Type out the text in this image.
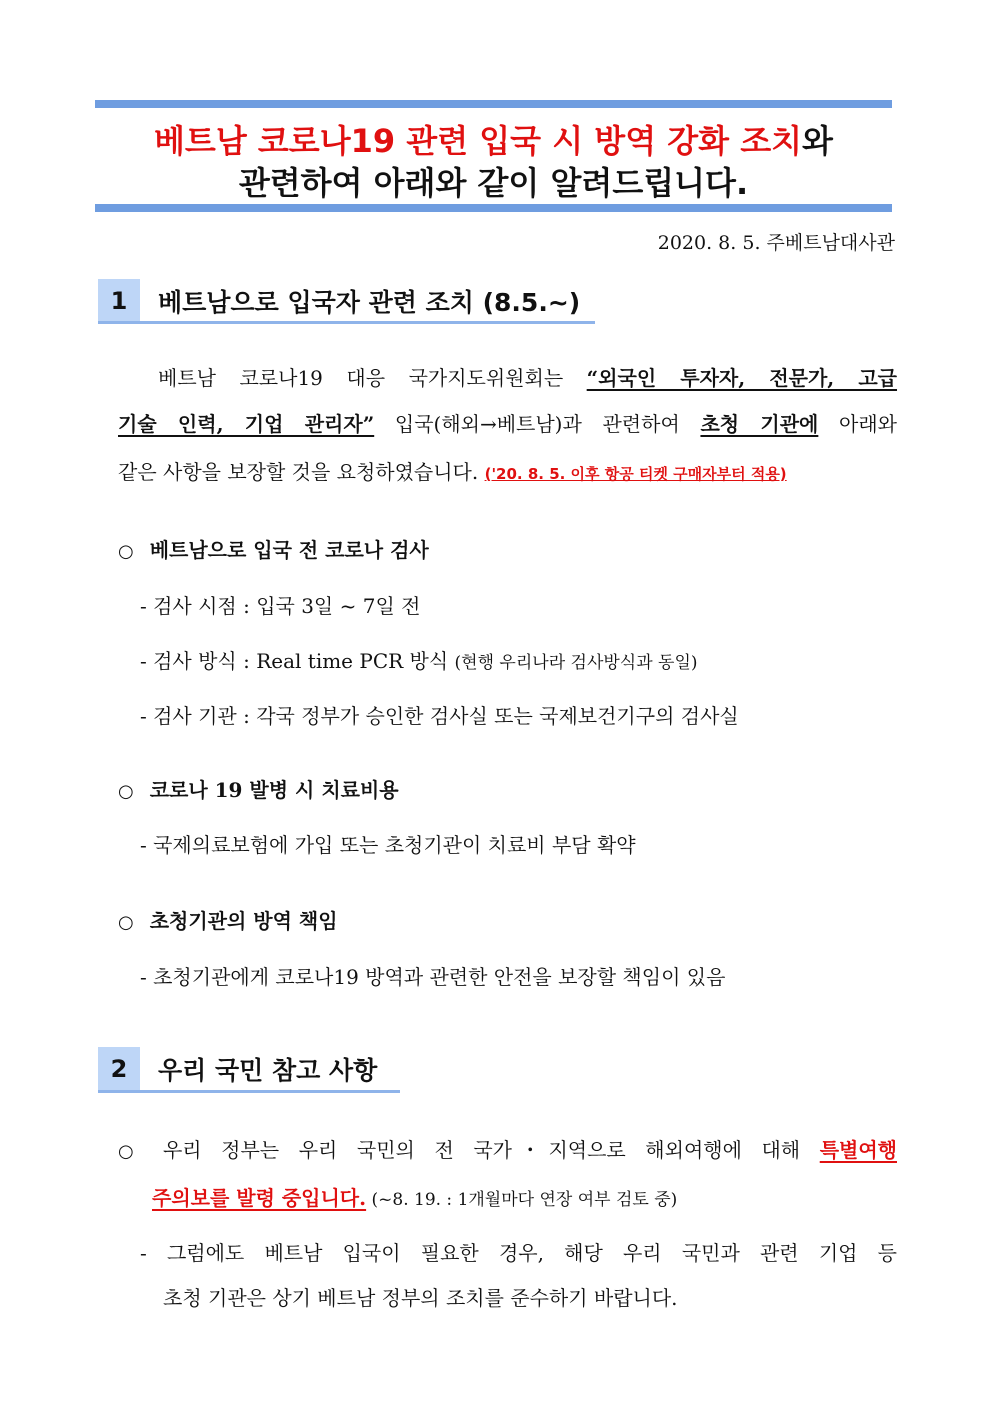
베트남 코로나19 관련 입국 시 방역 강화 조치와
관련하여 아래와 같이 알려드립니다.
2020. 8. 5. 주베트남대사관
1	베트남으로 입국자 관련 조치 (8.5.~)
베트남 코로나19 대응 국가지도위원회는 “외국인 투자자, 전문가, 고급
기술 인력, 기업 관리자” 입국(해외→베트남)과 관련하여 초청 기관에 아래와
같은 사항을 보장할 것을 요청하였습니다. ('20. 8. 5. 이후 항공 티켓 구매자부터 적용)
○ 베트남으로 입국 전 코로나 검사
- 검사 시점 : 입국 3일 ~ 7일 전
- 검사 방식 : Real time PCR 방식 (현행 우리나라 검사방식과 동일)
- 검사 기관 : 각국 정부가 승인한 검사실 또는 국제보건기구의 검사실
○ 코로나 19 발병 시 치료비용
- 국제의료보험에 가입 또는 초청기관이 치료비 부담 확약
○ 초청기관의 방역 책임
- 초청기관에게 코로나19 방역과 관련한 안전을 보장할 책임이 있음
2	우리 국민 참고 사항
○ 우리 정부는 우리 국민의 전 국가･지역으로 해외여행에 대해 특별여행
주의보를 발령 중입니다. (~8. 19. : 1개월마다 연장 여부 검토 중)
- 그럼에도 베트남 입국이 필요한 경우, 해당 우리 국민과 관련 기업 등
초청 기관은 상기 베트남 정부의 조치를 준수하기 바랍니다.
